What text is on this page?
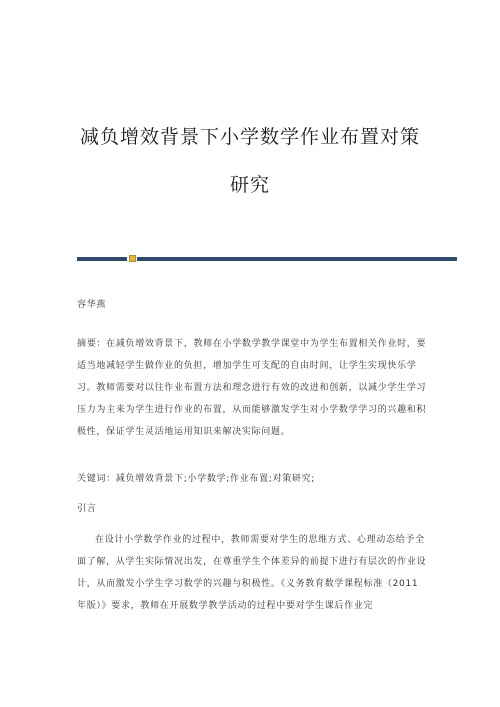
减负增效背景下小学数学作业布置对策
研究
容华燕
摘要：在减负增效背景下，教师在小学数学教学课堂中为学生布置相关作业时，要适当地减轻学生做作业的负担，增加学生可支配的自由时间，让学生实现快乐学习。教师需要对以往作业布置方法和理念进行有效的改进和创新，以减少学生学习压力为主来为学生进行作业的布置，从而能够激发学生对小学数学学习的兴趣和积极性，保证学生灵活地运用知识来解决实际问题。
关键词：减负增效背景下;小学数学;作业布置;对策研究;
引言
在设计小学数学作业的过程中，教师需要对学生的思维方式、心理动态给予全面了解，从学生实际情况出发，在尊重学生个体差异的前提下进行有层次的作业设计，从而激发小学生学习数学的兴趣与积极性。《义务教育数学课程标准（2011年版）》要求，教师在开展数学教学活动的过程中要对学生课后作业完
